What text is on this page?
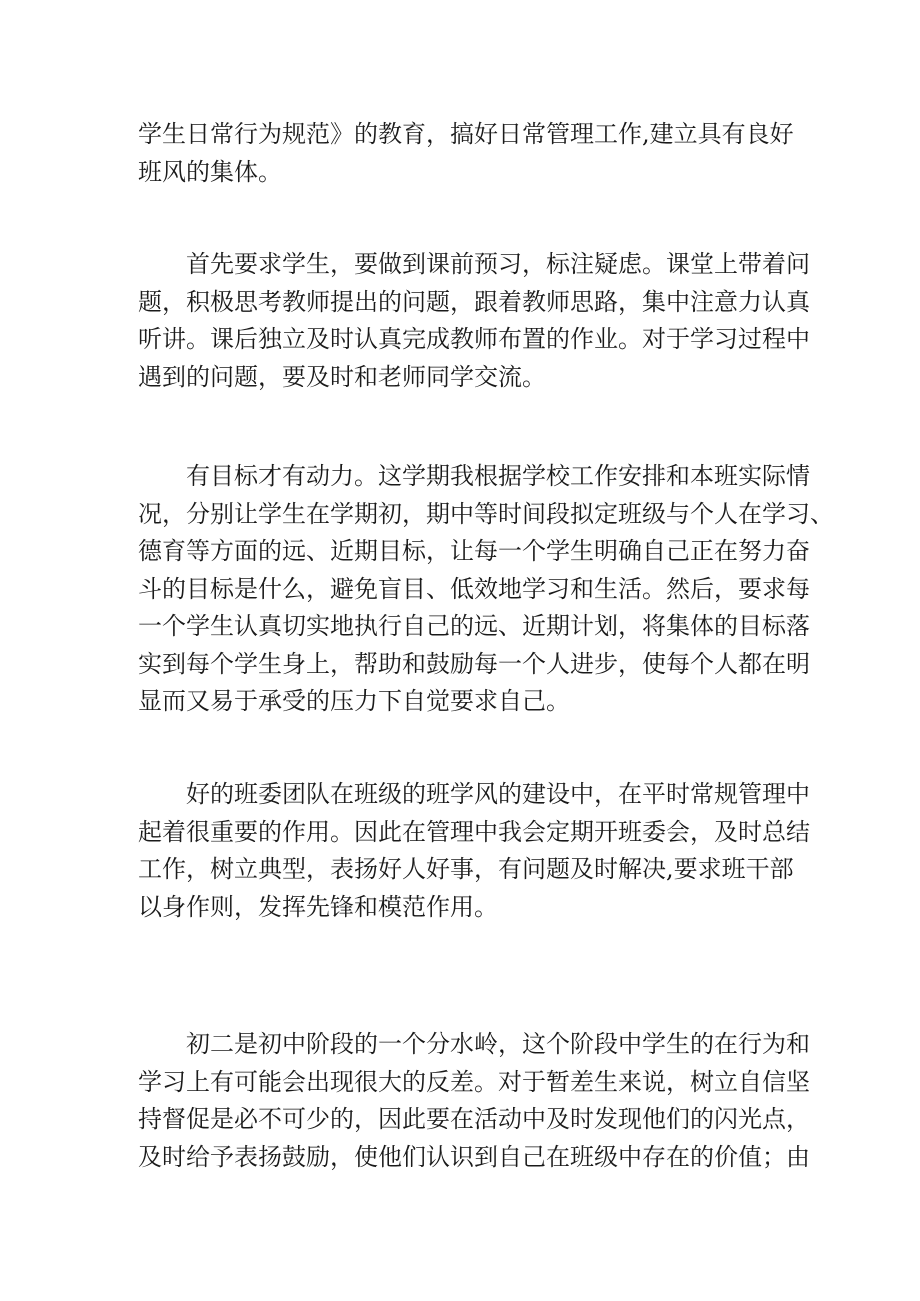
学生日常行为规范》的教育，搞好日常管理工作,建立具有良好
班风的集体。
首先要求学生，要做到课前预习，标注疑虑。课堂上带着问
题，积极思考教师提出的问题，跟着教师思路，集中注意力认真
听讲。课后独立及时认真完成教师布置的作业。对于学习过程中
遇到的问题，要及时和老师同学交流。
有目标才有动力。这学期我根据学校工作安排和本班实际情
况，分别让学生在学期初，期中等时间段拟定班级与个人在学习、
德育等方面的远、近期目标，让每一个学生明确自己正在努力奋
斗的目标是什么，避免盲目、低效地学习和生活。然后，要求每
一个学生认真切实地执行自己的远、近期计划，将集体的目标落
实到每个学生身上，帮助和鼓励每一个人进步，使每个人都在明
显而又易于承受的压力下自觉要求自己。
好的班委团队在班级的班学风的建设中，在平时常规管理中
起着很重要的作用。因此在管理中我会定期开班委会，及时总结
工作，树立典型，表扬好人好事，有问题及时解决,要求班干部
以身作则，发挥先锋和模范作用。
初二是初中阶段的一个分水岭，这个阶段中学生的在行为和
学习上有可能会出现很大的反差。对于暂差生来说，树立自信坚
持督促是必不可少的，因此要在活动中及时发现他们的闪光点，
及时给予表扬鼓励，使他们认识到自己在班级中存在的价值；由
